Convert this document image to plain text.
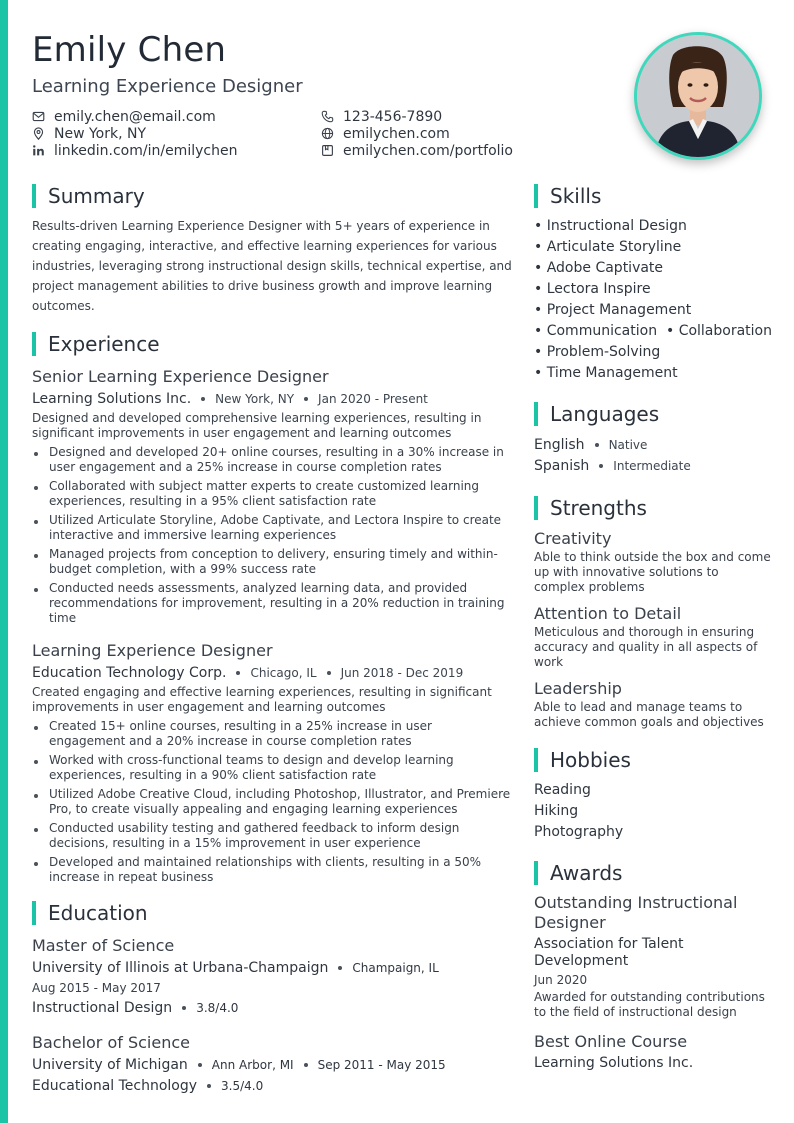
Emily Chen
Learning Experience Designer
emily.chen@email.com	123-456-7890
New York, NY	emilychen.com
linkedin.com/in/emilychen	emilychen.com/portfolio
Summary
Results-driven Learning Experience Designer with 5+ years of experience in creating engaging, interactive, and effective learning experiences for various industries, leveraging strong instructional design skills, technical expertise, and project management abilities to drive business growth and improve learning outcomes.
Experience
Senior Learning Experience Designer
Learning Solutions Inc. New York, NY Jan 2020 - Present
Designed and developed comprehensive learning experiences, resulting in significant improvements in user engagement and learning outcomes
Designed and developed 20+ online courses, resulting in a 30% increase in user engagement and a 25% increase in course completion rates
Collaborated with subject matter experts to create customized learning experiences, resulting in a 95% client satisfaction rate
Utilized Articulate Storyline, Adobe Captivate, and Lectora Inspire to create interactive and immersive learning experiences
Managed projects from conception to delivery, ensuring timely and within-budget completion, with a 99% success rate
Conducted needs assessments, analyzed learning data, and provided recommendations for improvement, resulting in a 20% reduction in training time
Learning Experience Designer
Education Technology Corp. Chicago, IL Jun 2018 - Dec 2019
Created engaging and effective learning experiences, resulting in significant improvements in user engagement and learning outcomes
Created 15+ online courses, resulting in a 25% increase in user engagement and a 20% increase in course completion rates
Worked with cross-functional teams to design and develop learning experiences, resulting in a 90% client satisfaction rate
Utilized Adobe Creative Cloud, including Photoshop, Illustrator, and Premiere Pro, to create visually appealing and engaging learning experiences
Conducted usability testing and gathered feedback to inform design decisions, resulting in a 15% improvement in user experience
Developed and maintained relationships with clients, resulting in a 50% increase in repeat business
Education
Master of Science
University of Illinois at Urbana-Champaign Champaign, IL
Aug 2015 - May 2017
Instructional Design 3.8/4.0
Bachelor of Science
University of Michigan Ann Arbor, MI Sep 2011 - May 2015
Educational Technology 3.5/4.0
Skills
• Instructional Design
• Articulate Storyline
• Adobe Captivate
• Lectora Inspire
• Project Management
• Communication  • Collaboration
• Problem-Solving
• Time Management
Languages
English Native
Spanish Intermediate
Strengths
Creativity
Able to think outside the box and come up with innovative solutions to complex problems
Attention to Detail
Meticulous and thorough in ensuring accuracy and quality in all aspects of work
Leadership
Able to lead and manage teams to achieve common goals and objectives
Hobbies
Reading
Hiking
Photography
Awards
Outstanding Instructional Designer
Association for Talent Development
Jun 2020
Awarded for outstanding contributions to the field of instructional design
Best Online Course
Learning Solutions Inc.
